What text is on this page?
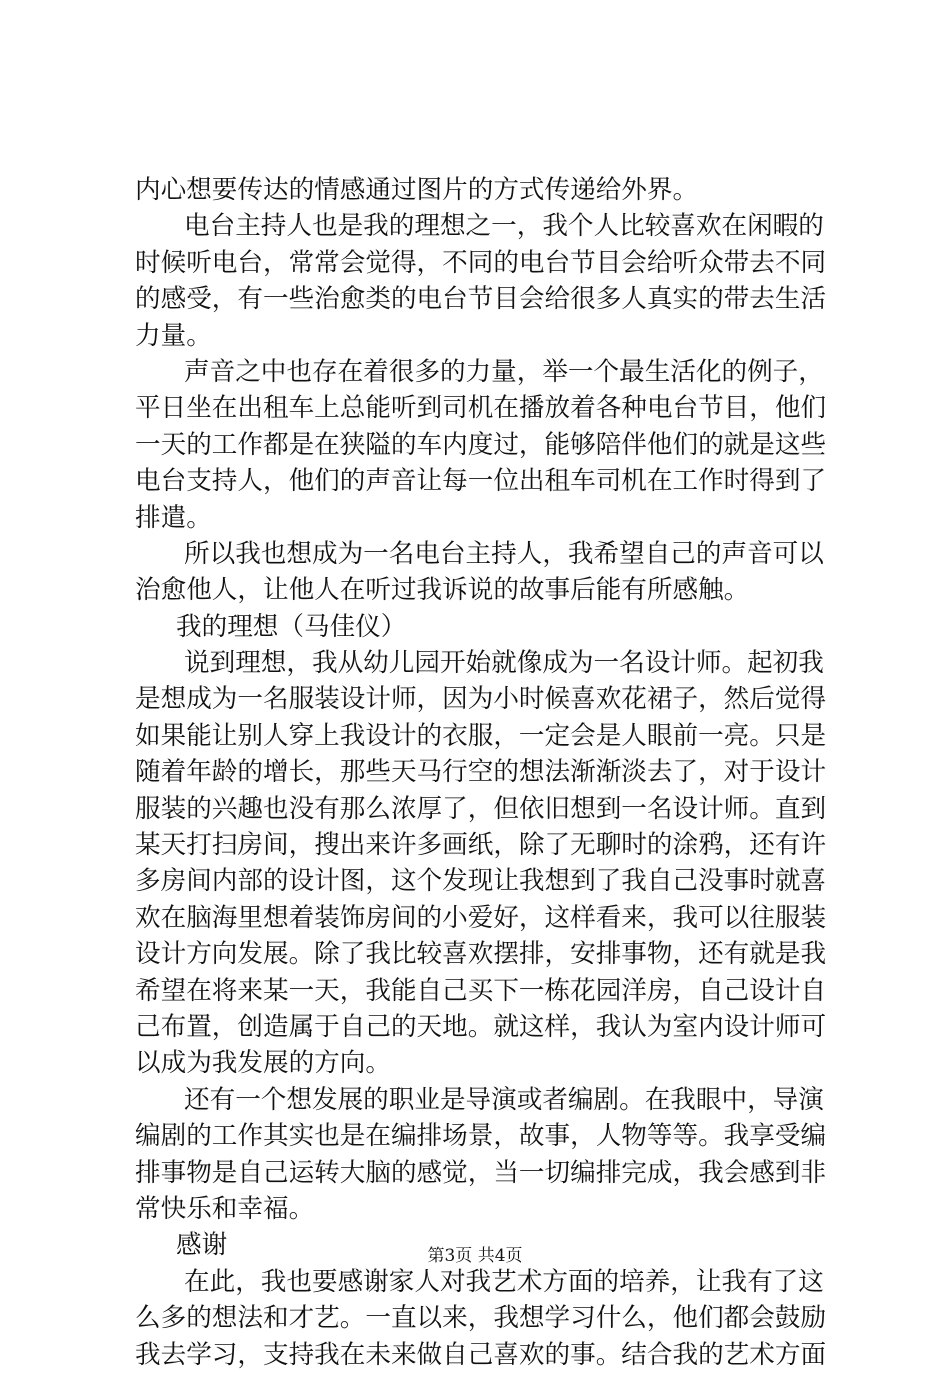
内心想要传达的情感通过图片的方式传递给外界。
电台主持人也是我的理想之一，我个人比较喜欢在闲暇的
时候听电台，常常会觉得，不同的电台节目会给听众带去不同
的感受，有一些治愈类的电台节目会给很多人真实的带去生活
力量。
声音之中也存在着很多的力量，举一个最生活化的例子，
平日坐在出租车上总能听到司机在播放着各种电台节目，他们
一天的工作都是在狭隘的车内度过，能够陪伴他们的就是这些
电台支持人，他们的声音让每一位出租车司机在工作时得到了
排遣。
所以我也想成为一名电台主持人，我希望自己的声音可以
治愈他人，让他人在听过我诉说的故事后能有所感触。
我的理想（马佳仪）
说到理想，我从幼儿园开始就像成为一名设计师。起初我
是想成为一名服装设计师，因为小时候喜欢花裙子，然后觉得
如果能让别人穿上我设计的衣服，一定会是人眼前一亮。只是
随着年龄的增长，那些天马行空的想法渐渐淡去了，对于设计
服装的兴趣也没有那么浓厚了，但依旧想到一名设计师。直到
某天打扫房间，搜出来许多画纸，除了无聊时的涂鸦，还有许
多房间内部的设计图，这个发现让我想到了我自己没事时就喜
欢在脑海里想着装饰房间的小爱好，这样看来，我可以往服装
设计方向发展。除了我比较喜欢摆排，安排事物，还有就是我
希望在将来某一天，我能自己买下一栋花园洋房，自己设计自
己布置，创造属于自己的天地。就这样，我认为室内设计师可
以成为我发展的方向。
还有一个想发展的职业是导演或者编剧。在我眼中，导演
编剧的工作其实也是在编排场景，故事，人物等等。我享受编
排事物是自己运转大脑的感觉，当一切编排完成，我会感到非
常快乐和幸福。
感谢
在此，我也要感谢家人对我艺术方面的培养，让我有了这
么多的想法和才艺。一直以来，我想学习什么，他们都会鼓励
我去学习，支持我在未来做自己喜欢的事。结合我的艺术方面
第3页 共4页
